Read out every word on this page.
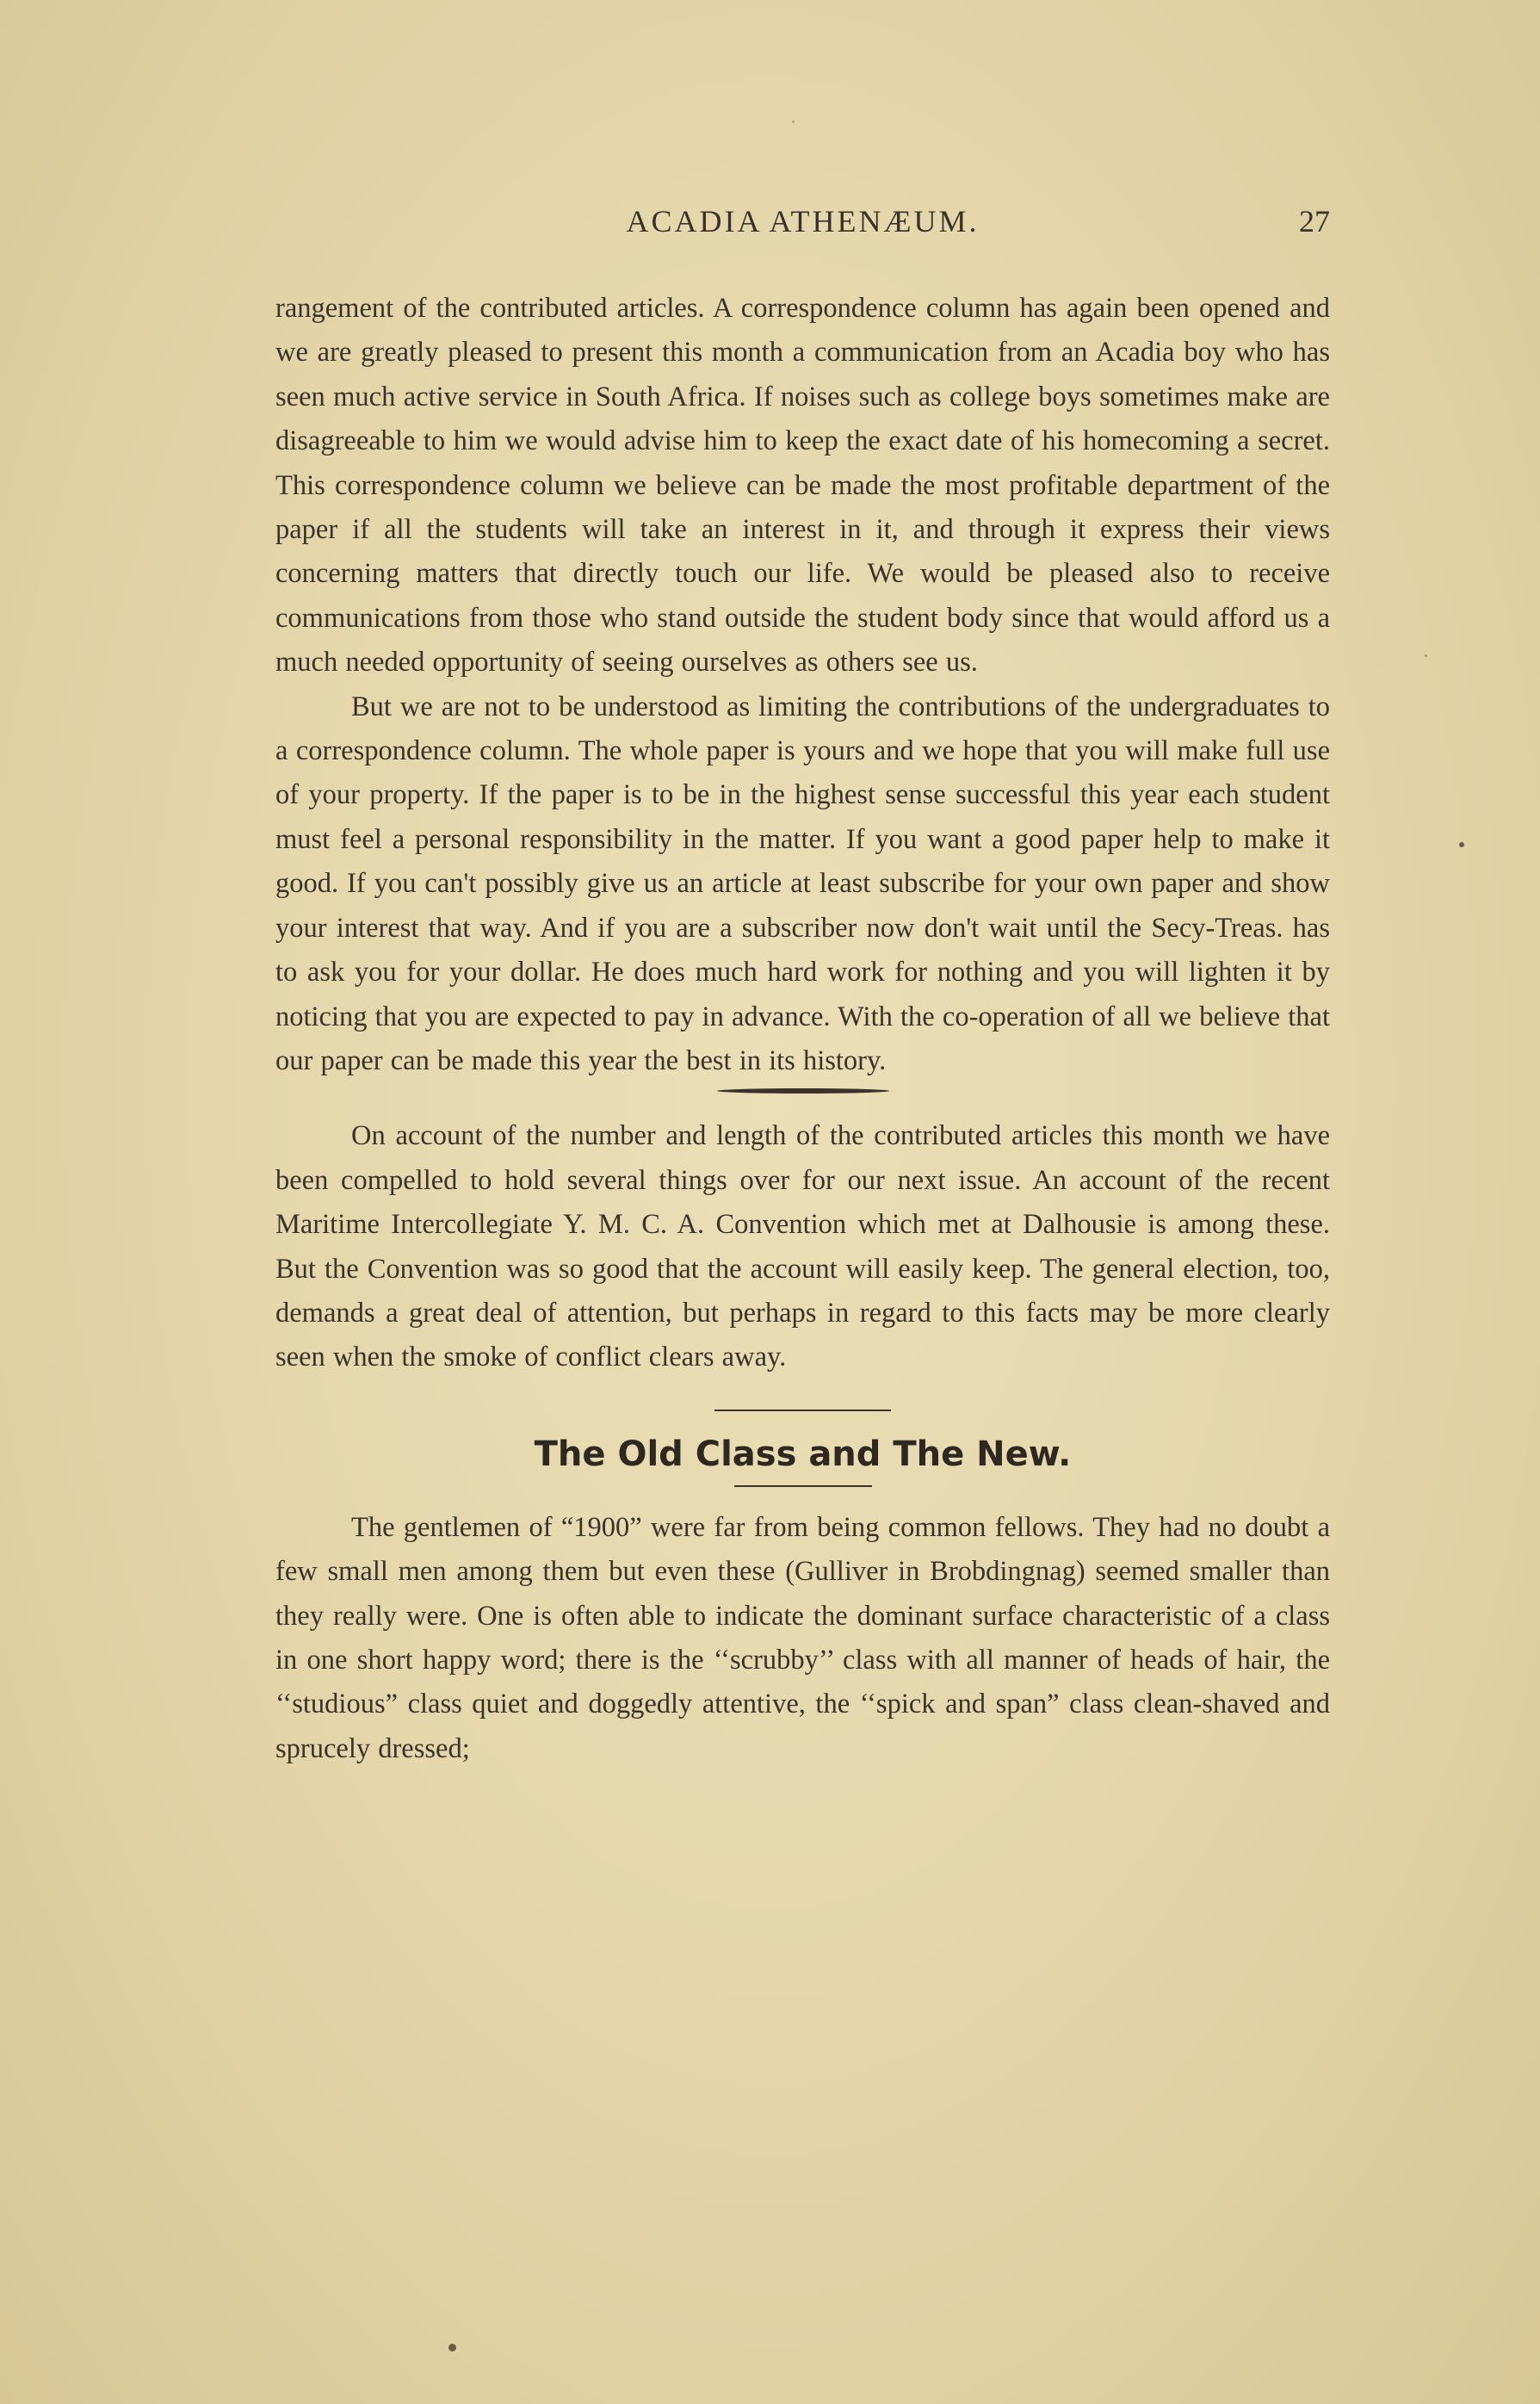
ACADIA ATHENÆUM.	27

rangement of the contributed articles. A correspondence column has again been opened and we are greatly pleased to present this month a communication from an Acadia boy who has seen much active service in South Africa. If noises such as college boys sometimes make are disagreeable to him we would advise him to keep the exact date of his homecoming a secret. This correspondence column we believe can be made the most profitable department of the paper if all the students will take an interest in it, and through it express their views concerning matters that directly touch our life. We would be pleased also to receive communications from those who stand outside the student body since that would afford us a much needed opportunity of seeing ourselves as others see us.

But we are not to be understood as limiting the contributions of the undergraduates to a correspondence column. The whole paper is yours and we hope that you will make full use of your property. If the paper is to be in the highest sense successful this year each student must feel a personal responsibility in the matter. If you want a good paper help to make it good. If you can't possibly give us an article at least subscribe for your own paper and show your interest that way. And if you are a subscriber now don't wait until the Secy-Treas. has to ask you for your dollar. He does much hard work for nothing and you will lighten it by noticing that you are expected to pay in advance. With the co-operation of all we believe that our paper can be made this year the best in its history.

On account of the number and length of the contributed articles this month we have been compelled to hold several things over for our next issue. An account of the recent Maritime Intercollegiate Y. M. C. A. Convention which met at Dalhousie is among these. But the Convention was so good that the account will easily keep. The general election, too, demands a great deal of attention, but perhaps in regard to this facts may be more clearly seen when the smoke of conflict clears away.

The Old Class and The New.

The gentlemen of “1900” were far from being common fellows. They had no doubt a few small men among them but even these (Gulliver in Brobdingnag) seemed smaller than they really were. One is often able to indicate the dominant surface characteristic of a class in one short happy word; there is the ‘‘scrubby’’ class with all manner of heads of hair, the ‘‘studious” class quiet and doggedly attentive, the ‘‘spick and span” class clean-shaved and sprucely dressed;
